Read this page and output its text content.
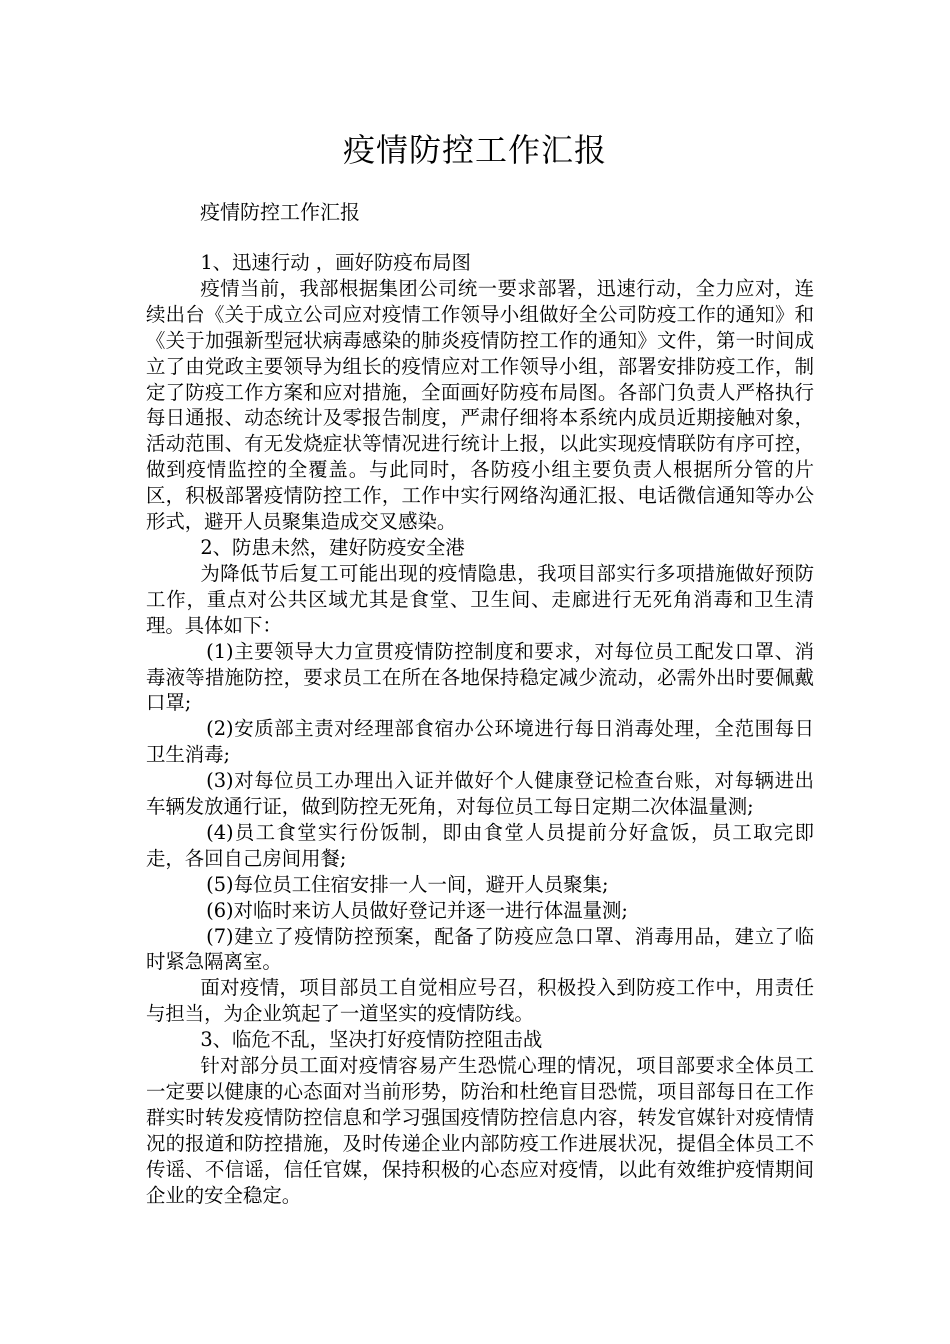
疫情防控工作汇报
疫情防控工作汇报

1、迅速行动 ，画好防疫布局图

疫情当前，我部根据集团公司统一要求部署，迅速行动，全力应对，连续出台《关于成立公司应对疫情工作领导小组做好全公司防疫工作的通知》和《关于加强新型冠状病毒感染的肺炎疫情防控工作的通知》文件，第一时间成立了由党政主要领导为组长的疫情应对工作领导小组，部署安排防疫工作，制定了防疫工作方案和应对措施，全面画好防疫布局图。各部门负责人严格执行每日通报、动态统计及零报告制度，严肃仔细将本系统内成员近期接触对象，活动范围、有无发烧症状等情况进行统计上报，以此实现疫情联防有序可控，做到疫情监控的全覆盖。与此同时，各防疫小组主要负责人根据所分管的片区，积极部署疫情防控工作，工作中实行网络沟通汇报、电话微信通知等办公形式，避开人员聚集造成交叉感染。

2、防患未然，建好防疫安全港

为降低节后复工可能出现的疫情隐患，我项目部实行多项措施做好预防工作，重点对公共区域尤其是食堂、卫生间、走廊进行无死角消毒和卫生清理。具体如下：

(1)主要领导大力宣贯疫情防控制度和要求，对每位员工配发口罩、消毒液等措施防控，要求员工在所在各地保持稳定减少流动，必需外出时要佩戴口罩;

(2)安质部主责对经理部食宿办公环境进行每日消毒处理，全范围每日卫生消毒;

(3)对每位员工办理出入证并做好个人健康登记检查台账，对每辆进出车辆发放通行证，做到防控无死角，对每位员工每日定期二次体温量测;

(4)员工食堂实行份饭制，即由食堂人员提前分好盒饭，员工取完即走，各回自己房间用餐;

(5)每位员工住宿安排一人一间，避开人员聚集;

(6)对临时来访人员做好登记并逐一进行体温量测;

(7)建立了疫情防控预案，配备了防疫应急口罩、消毒用品，建立了临时紧急隔离室。

面对疫情，项目部员工自觉相应号召，积极投入到防疫工作中，用责任与担当，为企业筑起了一道坚实的疫情防线。

3、临危不乱，坚决打好疫情防控阻击战

针对部分员工面对疫情容易产生恐慌心理的情况，项目部要求全体员工一定要以健康的心态面对当前形势，防治和杜绝盲目恐慌，项目部每日在工作群实时转发疫情防控信息和学习强国疫情防控信息内容，转发官媒针对疫情情况的报道和防控措施，及时传递企业内部防疫工作进展状况，提倡全体员工不传谣、不信谣，信任官媒，保持积极的心态应对疫情，以此有效维护疫情期间企业的安全稳定。
